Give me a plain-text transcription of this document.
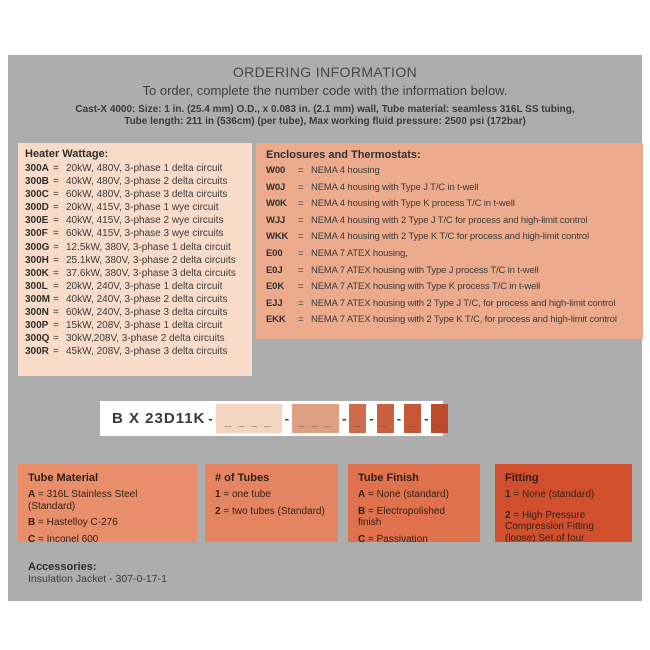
ORDERING INFORMATION
To order, complete the number code with the information below.
Cast-X 4000: Size: 1 in. (25.4 mm) O.D., x 0.083 in. (2.1 mm) wall, Tube material: seamless 316L SS tubing,
Tube length: 211 in (536cm) (per tube), Max working fluid pressure: 2500 psi (172bar)
Heater Wattage:
300A = 20kW, 480V, 3-phase 1 delta circuit
300B = 40kW, 480V, 3-phase 2 delta circuits
300C = 60kW, 480V, 3-phase 3 delta circuits
300D = 20kW, 415V, 3-phase 1 wye circuit
300E = 40kW, 415V, 3-phase 2 wye circuits
300F = 60kW, 415V, 3-phase 3 wye circuits
300G = 12.5kW, 380V, 3-phase 1 delta circuit
300H = 25.1kW, 380V, 3-phase 2 delta circuits
300K = 37.6kW, 380V, 3-phase 3 delta circuits
300L = 20kW, 240V, 3-phase 1 delta circuit
300M = 40kW, 240V, 3-phase 2 delta circuits
300N = 60kW, 240V, 3-phase 3 delta circuits
300P = 15kW, 208V, 3-phase 1 delta circuit
300Q = 30kW,208V, 3-phase 2 delta circuits
300R = 45kW, 208V, 3-phase 3 delta circuits
Enclosures and Thermostats:
W00	= NEMA 4 housing
W0J	= NEMA 4 housing with Type J T/C in t-well
W0K	= NEMA 4 housing with Type K process T/C in t-well
WJJ	= NEMA 4 housing with 2 Type J T/C for process and high-limit control
WKK	= NEMA 4 housing with 2 Type K T/C for process and high-limit control
E00	= NEMA 7 ATEX housing,
E0J	= NEMA 7 ATEX housing with Type J process T/C in t-well
E0K	= NEMA 7 ATEX housing with Type K process T/C in t-well
EJJ	= NEMA 7 ATEX housing with 2 Type J T/C, for process and high-limit control
EKK	= NEMA 7 ATEX housing with 2 Type K T/C, for process and high-limit control
B X 23D11K - _ _ _ _ - _ _ _ - _ - _ - _ - _
Tube Material
A = 316L Stainless Steel (Standard)
B = Hastelloy C-276
C = Inconel 600
# of Tubes
1 = one tube
2 = two tubes (Standard)
Tube Finish
A = None (standard)
B = Electropolished finish
C = Passivation
Fitting
1 = None (standard)
2 = High Pressure Compression Fitting (loose) Set of four
Accessories:
Insulation Jacket - 307-0-17-1
